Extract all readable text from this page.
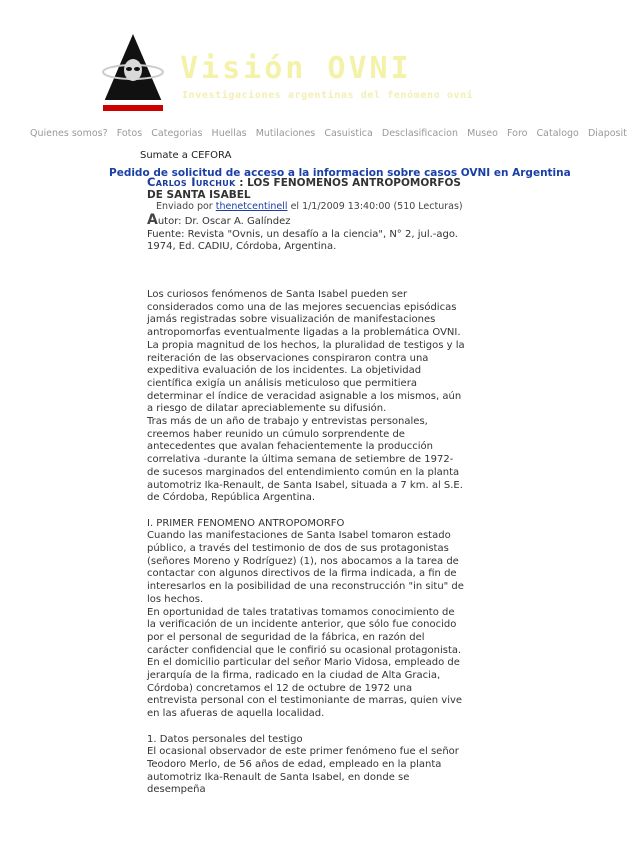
Visión OVNI
Investigaciones argentinas del fenómeno ovni
Quienes somos? Fotos Categorias Huellas Mutilaciones Casuistica Desclasificacion Museo Foro Catalogo Diaposit
Sumate a CEFORA
Pedido de solicitud de acceso a la informacion sobre casos OVNI en Argentina
Carlos Iurchuk : LOS FENOMENOS ANTROPOMORFOS DE SANTA ISABEL
Enviado por thenetcentinell el 1/1/2009 13:40:00 (510 Lecturas)
Autor: Dr. Oscar A. Galíndez
Fuente: Revista "Ovnis, un desafío a la ciencia", N° 2, jul.-ago. 1974, Ed. CADIU, Córdoba, Argentina.

Los curiosos fenómenos de Santa Isabel pueden ser considerados como una de las mejores secuencias episódicas jamás registradas sobre visualización de manifestaciones antropomorfas eventualmente ligadas a la problemática OVNI.

La propia magnitud de los hechos, la pluralidad de testigos y la reiteración de las observaciones conspiraron contra una expeditiva evaluación de los incidentes. La objetividad científica exigía un análisis meticuloso que permitiera determinar el índice de veracidad asignable a los mismos, aún a riesgo de dilatar apreciablemente su difusión.

Tras más de un año de trabajo y entrevistas personales, creemos haber reunido un cúmulo sorprendente de antecedentes que avalan fehacientemente la producción correlativa -durante la última semana de setiembre de 1972- de sucesos marginados del entendimiento común en la planta automotriz Ika-Renault, de Santa Isabel, situada a 7 km. al S.E. de Córdoba, República Argentina.

I. PRIMER FENOMENO ANTROPOMORFO

Cuando las manifestaciones de Santa Isabel tomaron estado público, a través del testimonio de dos de sus protagonistas (señores Moreno y Rodríguez) (1), nos abocamos a la tarea de contactar con algunos directivos de la firma indicada, a fin de interesarlos en la posibilidad de una reconstrucción "in situ" de los hechos.

En oportunidad de tales tratativas tomamos conocimiento de la verificación de un incidente anterior, que sólo fue conocido por el personal de seguridad de la fábrica, en razón del carácter confidencial que le confirió su ocasional protagonista.

En el domicilio particular del señor Mario Vidosa, empleado de jerarquía de la firma, radicado en la ciudad de Alta Gracia, Córdoba) concretamos el 12 de octubre de 1972 una entrevista personal con el testimoniante de marras, quien vive en las afueras de aquella localidad.

1. Datos personales del testigo

El ocasional observador de este primer fenómeno fue el señor Teodoro Merlo, de 56 años de edad, empleado en la planta automotriz Ika-Renault de Santa Isabel, en donde se desempeña
